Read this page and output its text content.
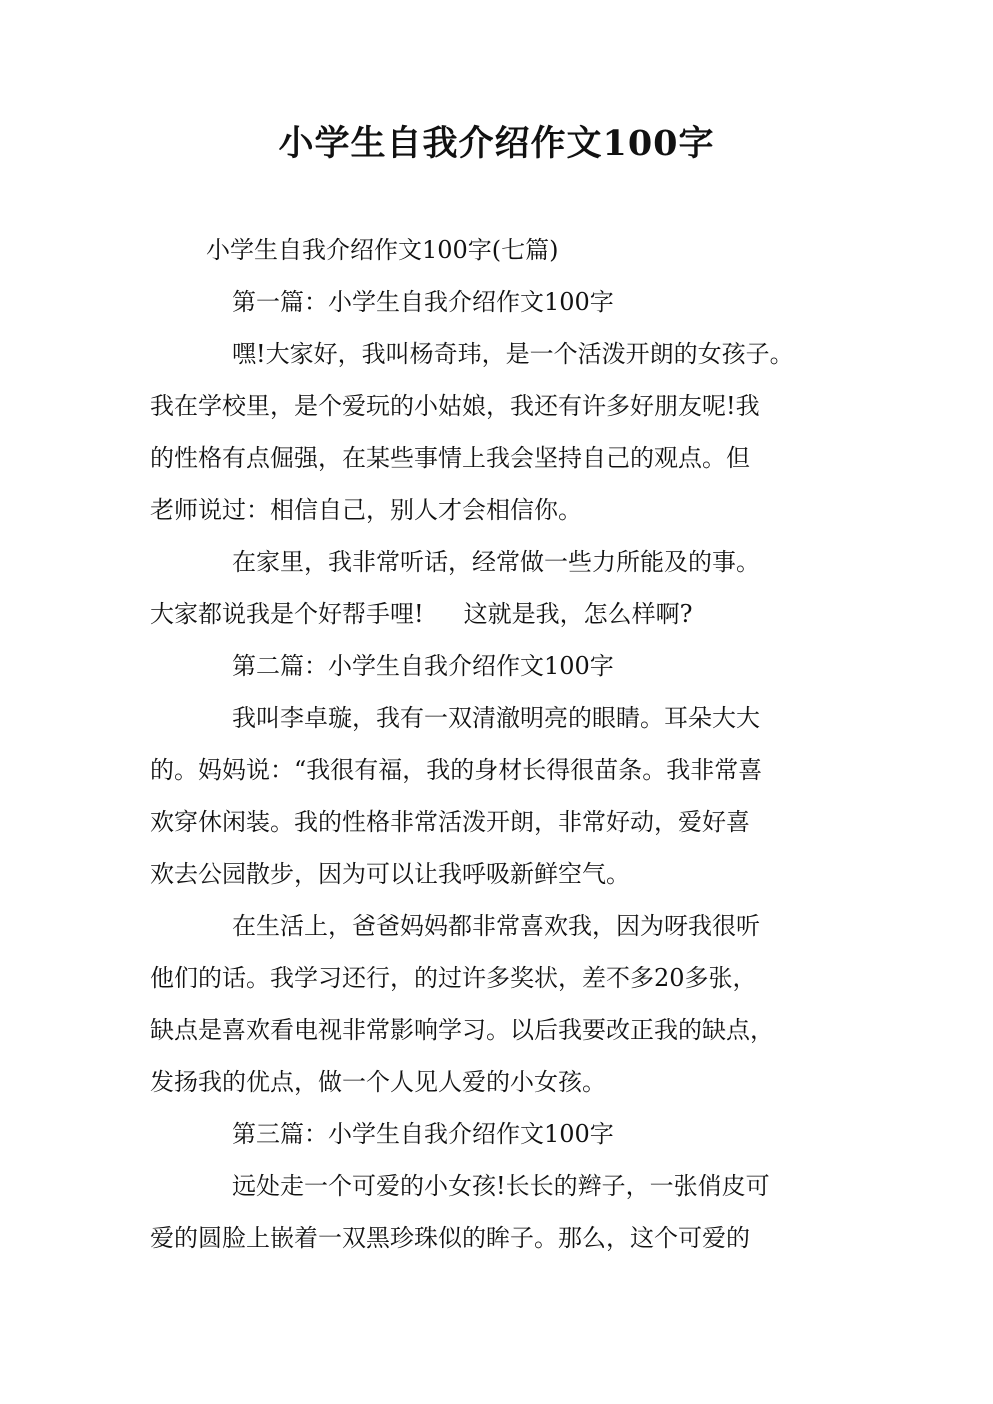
小学生自我介绍作文100字

小学生自我介绍作文100字(七篇)

第一篇：小学生自我介绍作文100字

嘿!大家好，我叫杨奇玮，是一个活泼开朗的女孩子。
我在学校里，是个爱玩的小姑娘，我还有许多好朋友呢!我
的性格有点倔强，在某些事情上我会坚持自己的观点。但
老师说过：相信自己，别人才会相信你。

在家里，我非常听话，经常做一些力所能及的事。
大家都说我是个好帮手哩! 这就是我，怎么样啊?

第二篇：小学生自我介绍作文100字

我叫李卓璇，我有一双清澈明亮的眼睛。耳朵大大
的。妈妈说：“我很有福，我的身材长得很苗条。我非常喜
欢穿休闲装。我的性格非常活泼开朗，非常好动，爱好喜
欢去公园散步，因为可以让我呼吸新鲜空气。

在生活上，爸爸妈妈都非常喜欢我，因为呀我很听
他们的话。我学习还行，的过许多奖状，差不多20多张，
缺点是喜欢看电视非常影响学习。以后我要改正我的缺点，
发扬我的优点，做一个人见人爱的小女孩。

第三篇：小学生自我介绍作文100字

远处走一个可爱的小女孩!长长的辫子，一张俏皮可
爱的圆脸上嵌着一双黑珍珠似的眸子。那么，这个可爱的
